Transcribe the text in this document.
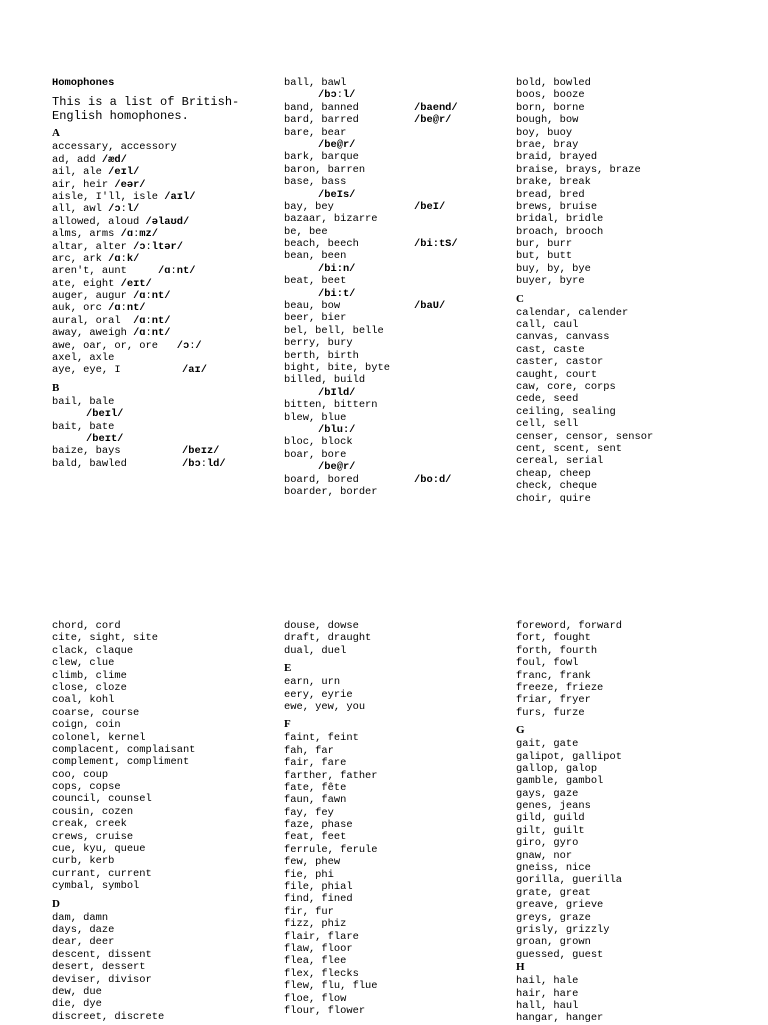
Homophones
This is a list of British-English homophones.
A
accessary, accessory
ad, add /æd/
ail, ale /eɪl/
air, heir /eər/
aisle, I'll, isle /aɪl/
all, awl /ɔːl/
allowed, aloud /əlaʊd/
alms, arms /ɑːmz/
altar, alter /ɔːltər/
arc, ark /ɑːk/
aren't, aunt     /ɑːnt/
ate, eight /eɪt/
auger, augur /ɑːnt/
auk, orc /ɑːnt/
aural, oral  /ɑːnt/
away, aweigh /ɑːnt/
awe, oar, or, ore   /ɔː/
axel, axle
aye, eye, I	/aɪ/
B
bail, bale
/beɪl/
bait, bate
/beɪt/
baize, bays	/beɪz/
bald, bawled	/bɔːld/
ball, bawl
/bɔːl/
band, banned	/baend/
bard, barred	/be@r/
bare, bear
/be@r/
bark, barque
baron, barren
base, bass
/beIs/
bay, bey	/beI/
bazaar, bizarre
be, bee
beach, beech	/bi:tS/
bean, been
/bi:n/
beat, beet
/bi:t/
beau, bow	/baU/
beer, bier
bel, bell, belle
berry, bury
berth, birth
bight, bite, byte
billed, build
/bIld/
bitten, bittern
blew, blue
/blu:/
bloc, block
boar, bore
/be@r/
board, bored	/bo:d/
boarder, border
bold, bowled
boos, booze
born, borne
bough, bow
boy, buoy
brae, bray
braid, brayed
braise, brays, braze
brake, break
bread, bred
brews, bruise
bridal, bridle
broach, brooch
bur, burr
but, butt
buy, by, bye
buyer, byre
C
calendar, calender
call, caul
canvas, canvass
cast, caste
caster, castor
caught, court
caw, core, corps
cede, seed
ceiling, sealing
cell, sell
censer, censor, sensor
cent, scent, sent
cereal, serial
cheap, cheep
check, cheque
choir, quire
chord, cord
cite, sight, site
clack, claque
clew, clue
climb, clime
close, cloze
coal, kohl
coarse, course
coign, coin
colonel, kernel
complacent, complaisant
complement, compliment
coo, coup
cops, copse
council, counsel
cousin, cozen
creak, creek
crews, cruise
cue, kyu, queue
curb, kerb
currant, current
cymbal, symbol
D
dam, damn
days, daze
dear, deer
descent, dissent
desert, dessert
deviser, divisor
dew, due
die, dye
discreet, discrete
douse, dowse
draft, draught
dual, duel
E
earn, urn
eery, eyrie
ewe, yew, you
F
faint, feint
fah, far
fair, fare
farther, father
fate, fête
faun, fawn
fay, fey
faze, phase
feat, feet
ferrule, ferule
few, phew
fie, phi
file, phial
find, fined
fir, fur
fizz, phiz
flair, flare
flaw, floor
flea, flee
flex, flecks
flew, flu, flue
floe, flow
flour, flower
foreword, forward
fort, fought
forth, fourth
foul, fowl
franc, frank
freeze, frieze
friar, fryer
furs, furze
G
gait, gate
galipot, gallipot
gallop, galop
gamble, gambol
gays, gaze
genes, jeans
gild, guild
gilt, guilt
giro, gyro
gnaw, nor
gneiss, nice
gorilla, guerilla
grate, great
greave, grieve
greys, graze
grisly, grizzly
groan, grown
guessed, guest
H
hail, hale
hair, hare
hall, haul
hangar, hanger
